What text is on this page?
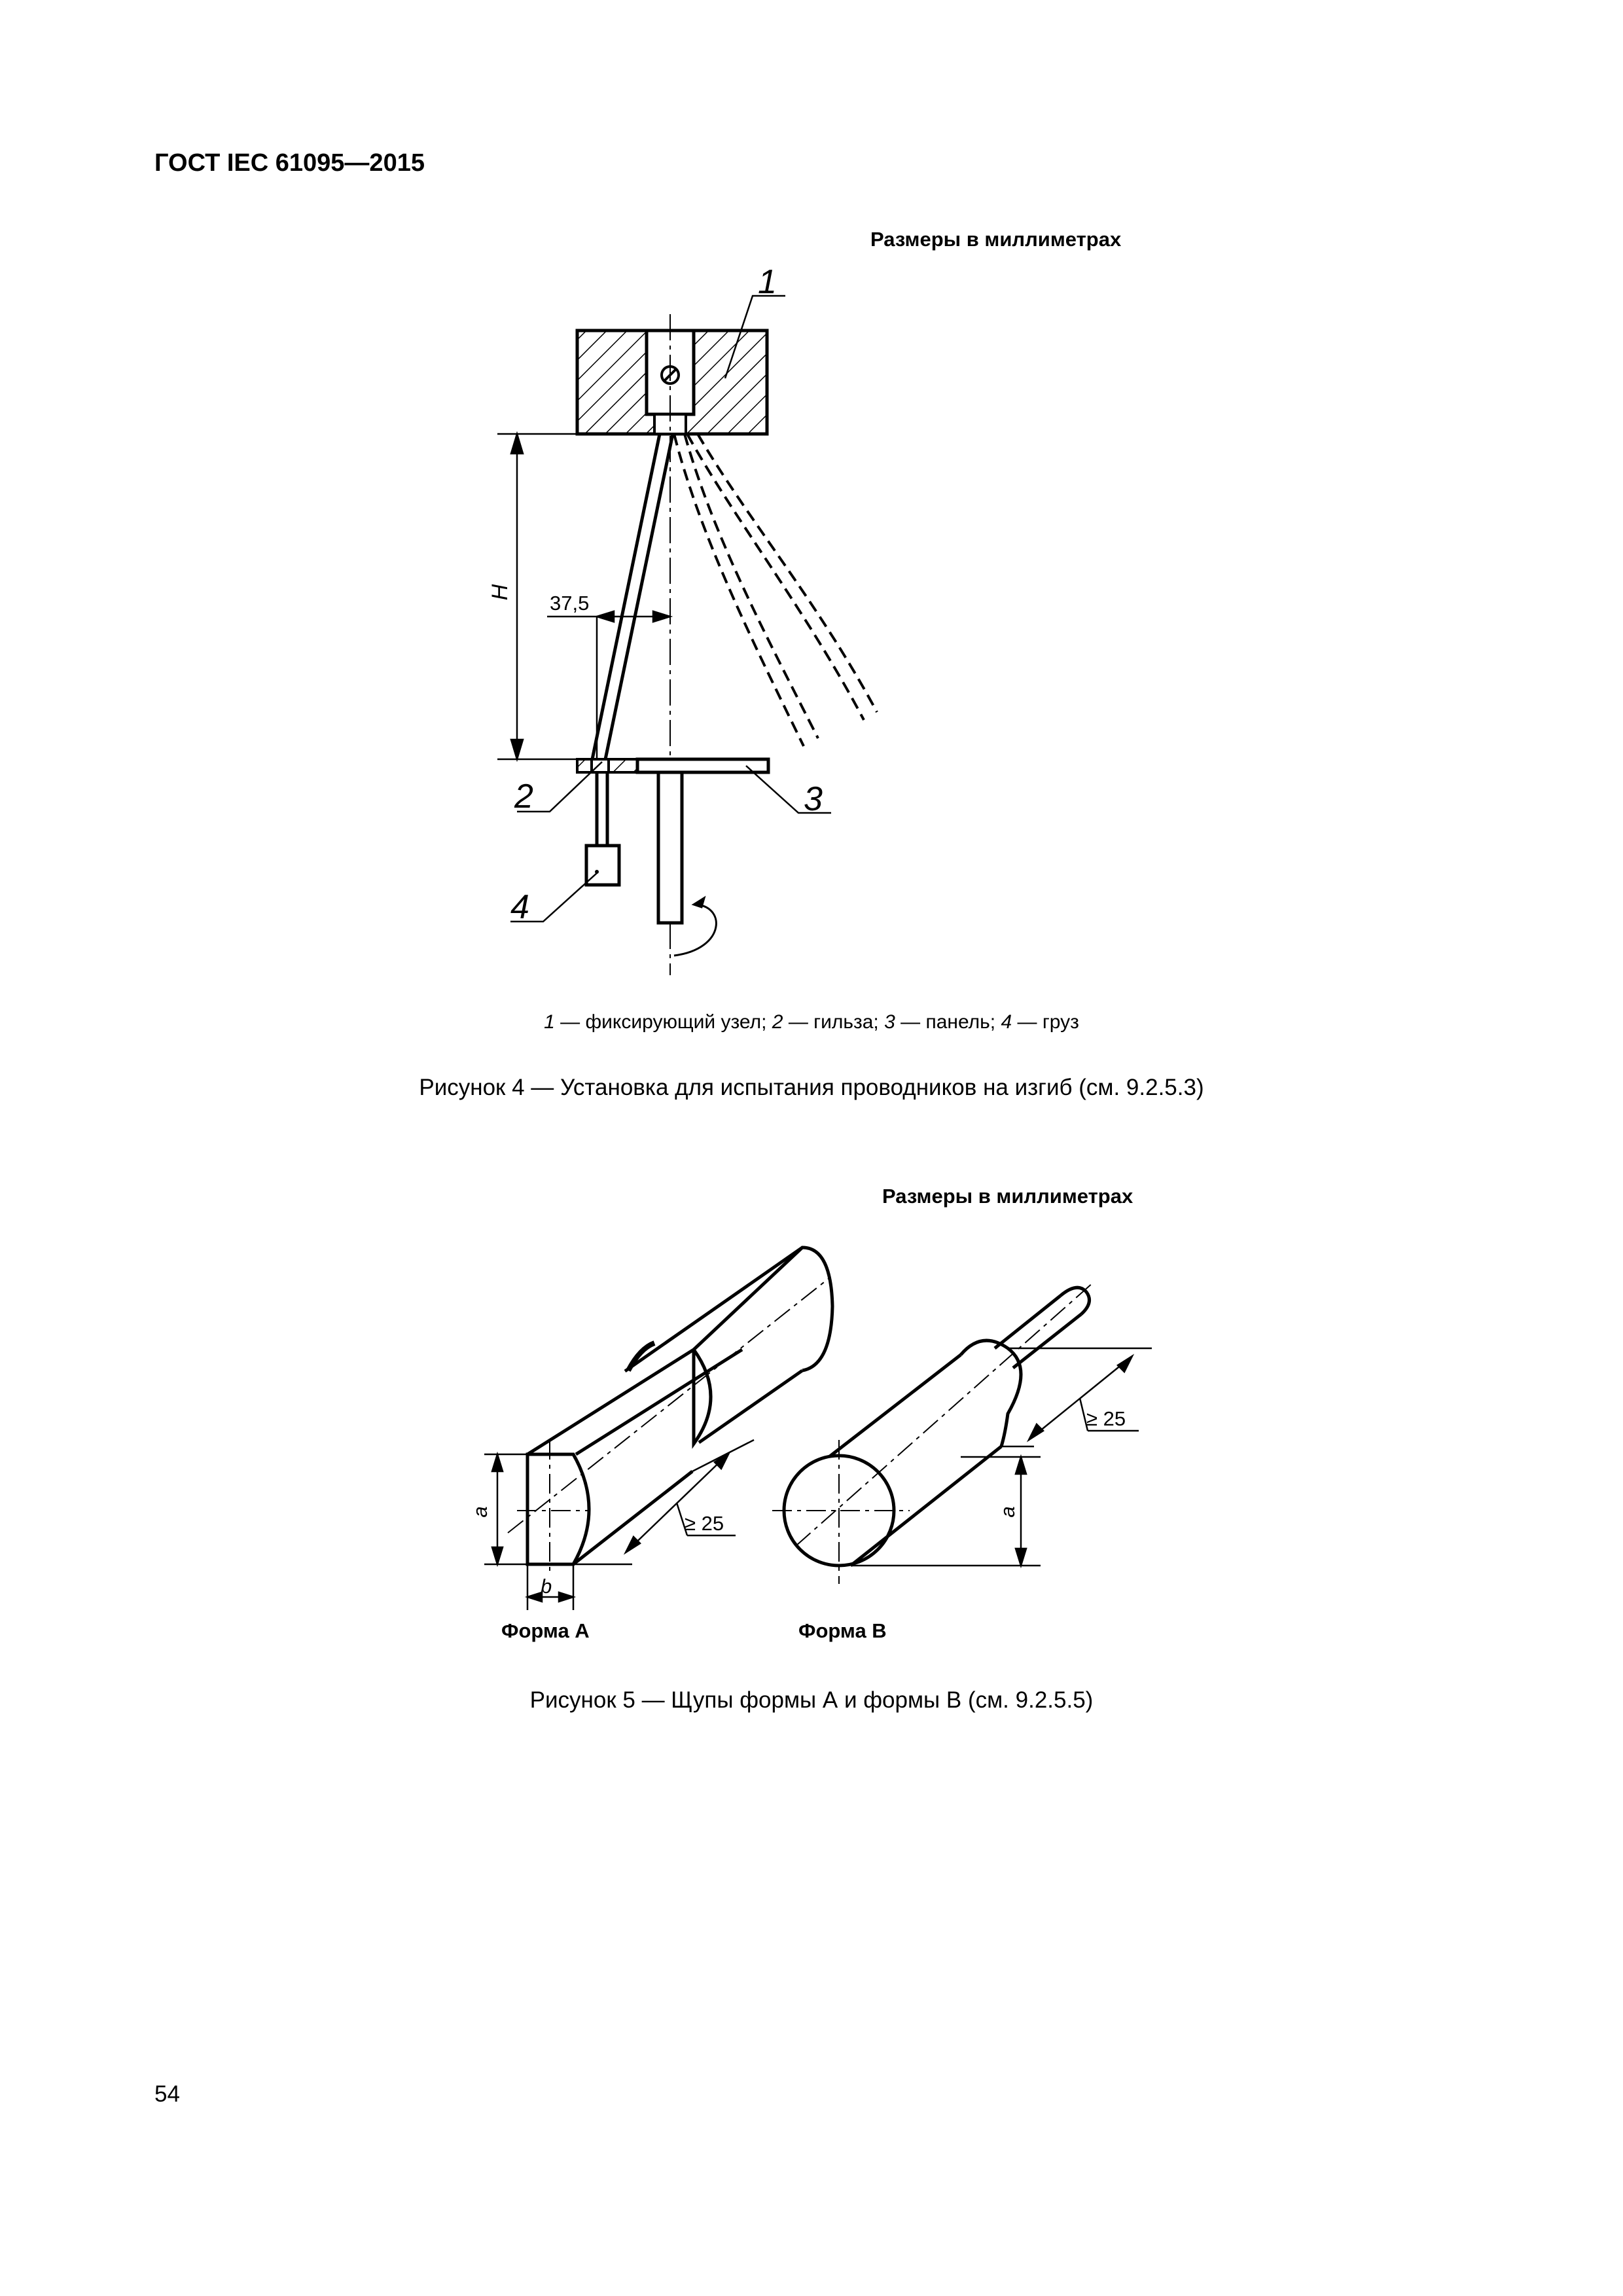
ГОСТ IEC 61095—2015
Размеры в миллиметрах
H 37,5
1
2	3
4
1 — фиксирующий узел; 2 — гильза; 3 — панель; 4 — груз
Рисунок 4 — Установка для испытания проводников на изгиб (см. 9.2.5.3)
Размеры в миллиметрах
a
b
≥ 25	a
≥ 25
Форма А	Форма В
Рисунок 5 — Щупы формы А и формы В (см. 9.2.5.5)
54
